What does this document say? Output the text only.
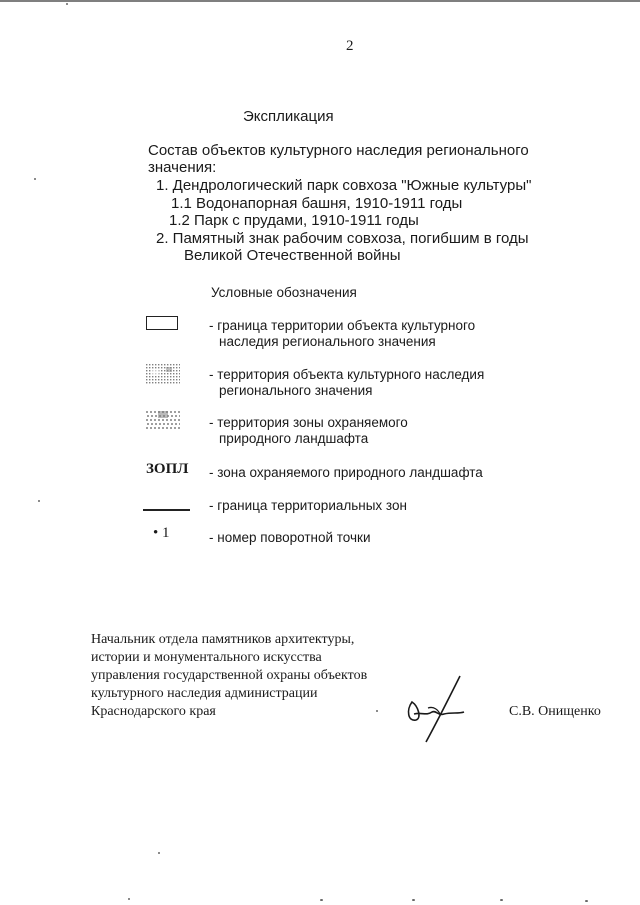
2
Экспликация
Состав объектов культурного наследия регионального
значения:
1. Дендрологический парк совхоза "Южные культуры"
1.1 Водонапорная башня, 1910-1911 годы
1.2 Парк с прудами, 1910-1911 годы
2. Памятный знак рабочим совхоза, погибшим в годы
Великой Отечественной войны
Условные обозначения
- граница территории объекта культурного
наследия регионального значения
- территория объекта культурного наследия
регионального значения
- территория зоны охраняемого
природного ландшафта
ЗОПЛ - зона охраняемого природного ландшафта
- граница территориальных зон
• 1	- номер поворотной точки
Начальник отдела памятников архитектуры,
истории и монументального искусства
управления государственной охраны объектов
культурного наследия администрации
Краснодарского края	С.В. Онищенко
